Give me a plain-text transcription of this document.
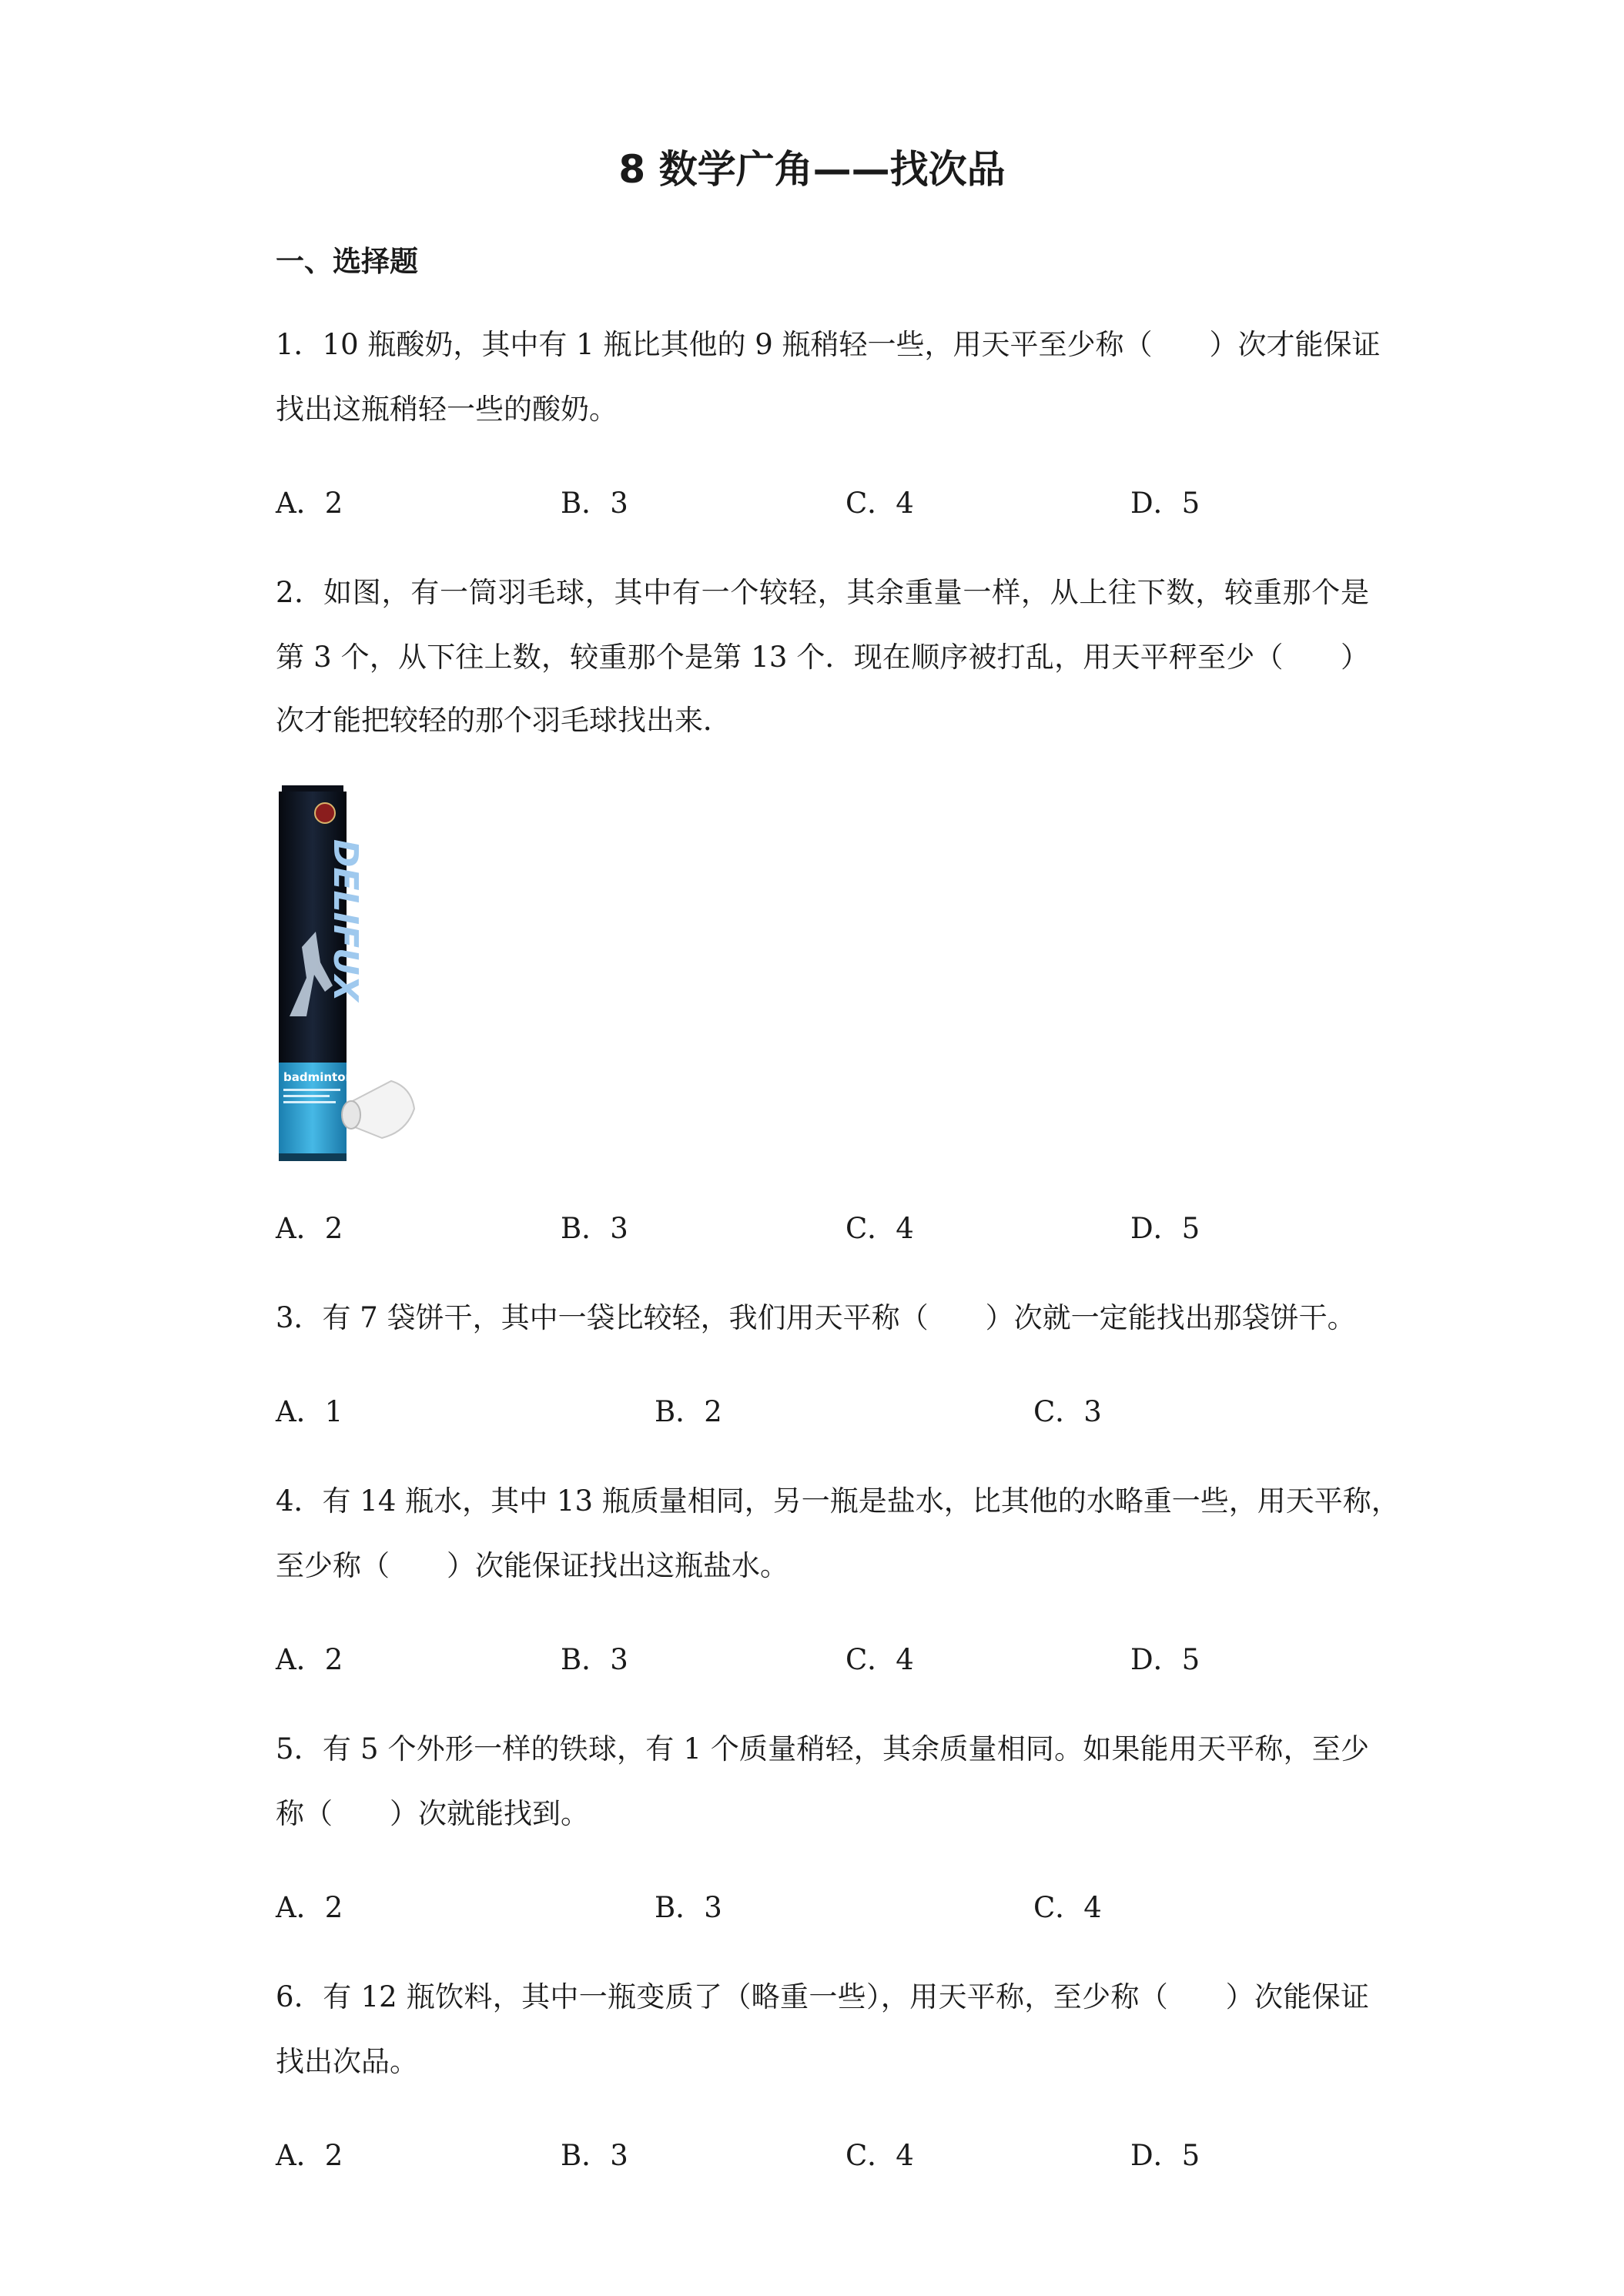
8 数学广角——找次品
一、选择题
1．10 瓶酸奶，其中有 1 瓶比其他的 9 瓶稍轻一些，用天平至少称（　　）次才能保证
找出这瓶稍轻一些的酸奶。
A．2	B．3	C．4	D．5
2．如图，有一筒羽毛球，其中有一个较轻，其余重量一样，从上往下数，较重那个是
第 3 个，从下往上数，较重那个是第 13 个．现在顺序被打乱，用天平秤至少（　　）
次才能把较轻的那个羽毛球找出来．
DELIFUX
badminton
A．2	B．3	C．4	D．5
3．有 7 袋饼干，其中一袋比较轻，我们用天平称（　　）次就一定能找出那袋饼干。
A．1	B．2	C．3
4．有 14 瓶水，其中 13 瓶质量相同，另一瓶是盐水，比其他的水略重一些，用天平称，
至少称（　　）次能保证找出这瓶盐水。
A．2	B．3	C．4	D．5
5．有 5 个外形一样的铁球，有 1 个质量稍轻，其余质量相同。如果能用天平称，至少
称（　　）次就能找到。
A．2	B．3	C．4
6．有 12 瓶饮料，其中一瓶变质了（略重一些），用天平称，至少称（　　）次能保证
找出次品。
A．2	B．3	C．4	D．5
